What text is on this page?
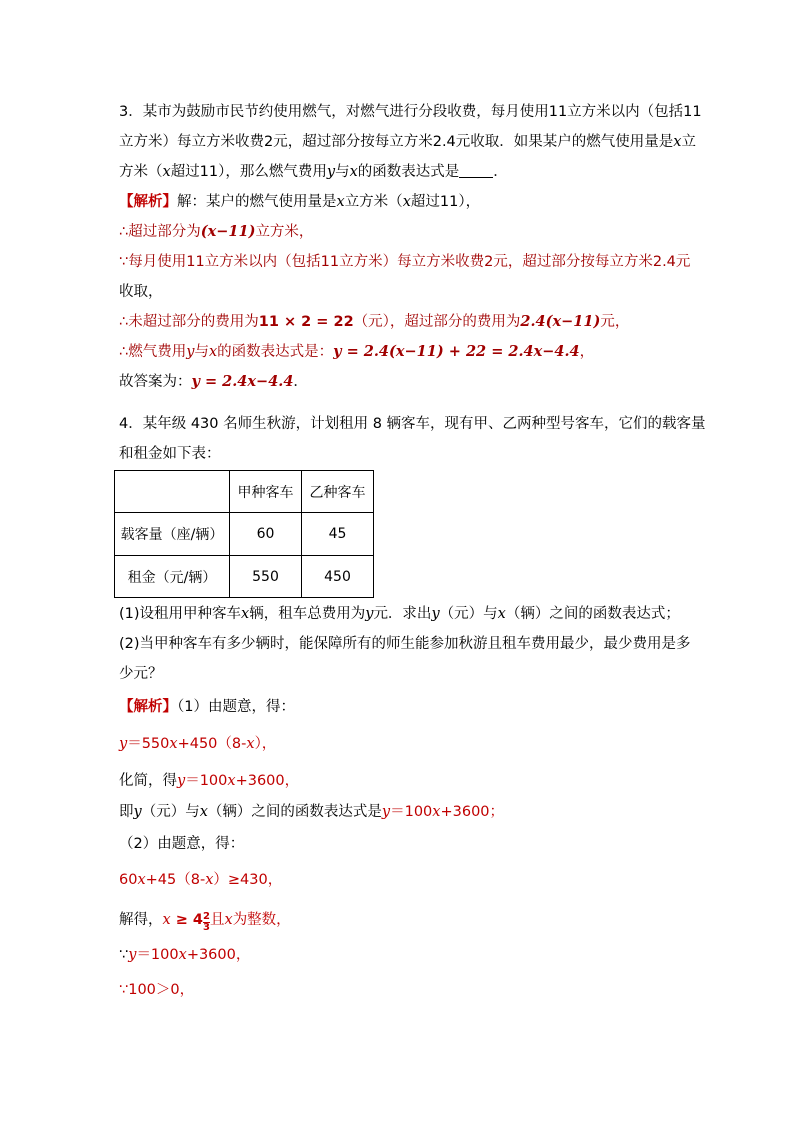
3．某市为鼓励市民节约使用燃气，对燃气进行分段收费，每月使用11立方米以内（包括11
立方米）每立方米收费2元，超过部分按每立方米2.4元收取．如果某户的燃气使用量是x立
方米（x超过11），那么燃气费用y与x的函数表达式是 ．
【解析】解：某户的燃气使用量是x立方米（x超过11），
∴超过部分为(x−11)立方米，
∵每月使用11立方米以内（包括11立方米）每立方米收费2元，超过部分按每立方米2.4元
收取，
∴未超过部分的费用为11 × 2 = 22（元），超过部分的费用为2.4(x−11)元，
∴燃气费用y与x的函数表达式是：y = 2.4(x−11) + 22 = 2.4x−4.4，
故答案为：y = 2.4x−4.4．
4．某年级 430 名师生秋游，计划租用 8 辆客车，现有甲、乙两种型号客车，它们的载客量
和租金如下表：
	甲种客车	乙种客车
载客量（座/辆）	60	45
租金（元/辆）	550	450
(1)设租用甲种客车x辆，租车总费用为y元．求出y（元）与x（辆）之间的函数表达式；
(2)当甲种客车有多少辆时，能保障所有的师生能参加秋游且租车费用最少，最少费用是多
少元？
【解析】（1）由题意，得：
y＝550x+450（8-x），
化简，得y＝100x+3600，
即y（元）与x（辆）之间的函数表达式是y＝100x+3600；
（2）由题意，得：
60x+45（8-x）≥430，
解得，$x \ge 4 \frac{2}{3}$ 且x为整数，
∵y＝100x+3600，
∵100＞0，
